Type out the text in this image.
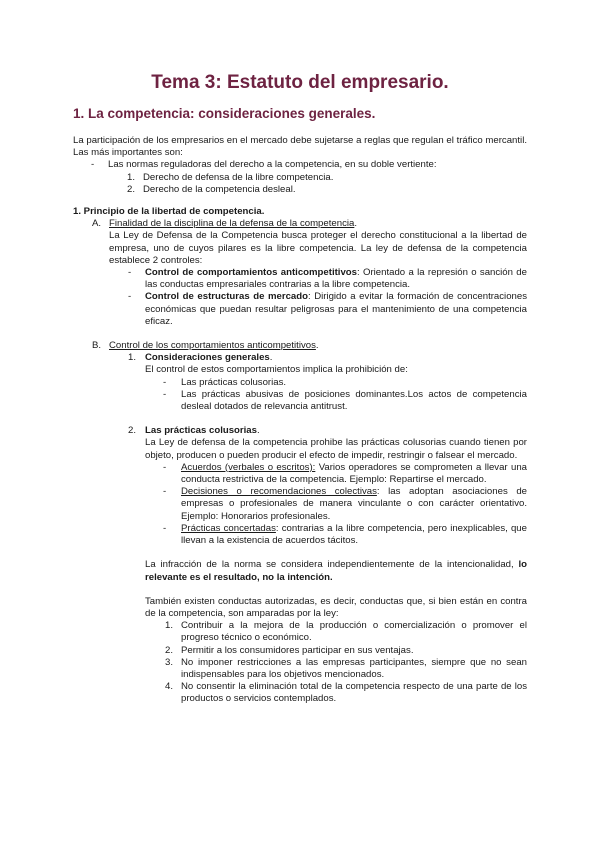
Tema 3: Estatuto del empresario.
1. La competencia: consideraciones generales.

La participación de los empresarios en el mercado debe sujetarse a reglas que regulan el tráfico mercantil. Las más importantes son:

- Las normas reguladoras del derecho a la competencia, en su doble vertiente:
1. Derecho de defensa de la libre competencia.
2. Derecho de la competencia desleal.

1. Principio de la libertad de competencia.

A. Finalidad de la disciplina de la defensa de la competencia.

La Ley de Defensa de la Competencia busca proteger el derecho constitucional a la libertad de empresa, uno de cuyos pilares es la libre competencia. La ley de defensa de la competencia establece 2 controles:

- Control de comportamientos anticompetitivos: Orientado a la represión o sanción de las conductas empresariales contrarias a la libre competencia.
- Control de estructuras de mercado: Dirigido a evitar la formación de concentraciones económicas que puedan resultar peligrosas para el mantenimiento de una competencia eficaz.
B. Control de los comportamientos anticompetitivos.
1. Consideraciones generales.

El control de estos comportamientos implica la prohibición de:

- Las prácticas colusorias.
- Las prácticas abusivas de posiciones dominantes.Los actos de competencia desleal dotados de relevancia antitrust.
2. Las prácticas colusorias.

La Ley de defensa de la competencia prohibe las prácticas colusorias cuando tienen por objeto, producen o pueden producir el efecto de impedir, restringir o falsear el mercado.

- Acuerdos (verbales o escritos): Varios operadores se comprometen a llevar una conducta restrictiva de la competencia. Ejemplo: Repartirse el mercado.
- Decisiones o recomendaciones colectivas: las adoptan asociaciones de empresas o profesionales de manera vinculante o con carácter orientativo. Ejemplo: Honorarios profesionales.
- Prácticas concertadas: contrarias a la libre competencia, pero inexplicables, que llevan a la existencia de acuerdos tácitos.

La infracción de la norma se considera independientemente de la intencionalidad, lo relevante es el resultado, no la intención.

También existen conductas autorizadas, es decir, conductas que, si bien están en contra de la competencia, son amparadas por la ley:

1. Contribuir a la mejora de la producción o comercialización o promover el progreso técnico o económico.
2. Permitir a los consumidores participar en sus ventajas.
3. No imponer restricciones a las empresas participantes, siempre que no sean indispensables para los objetivos mencionados.
4. No consentir la eliminación total de la competencia respecto de una parte de los productos o servicios contemplados.
